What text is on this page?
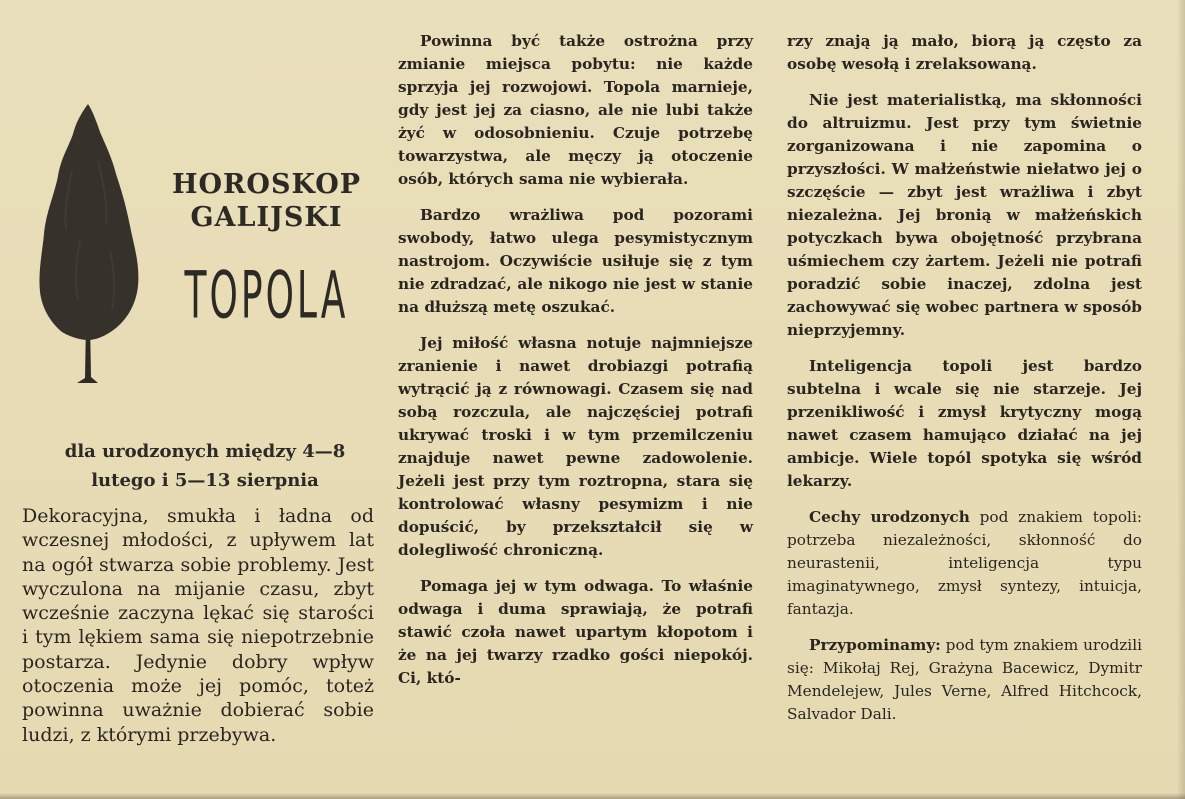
HOROSKOP
GALIJSKI
TOPOLA
dla urodzonych między 4—8
lutego i 5—13 sierpnia
Dekoracyjna, smukła i ładna od wczesnej młodości, z upływem lat na ogół stwarza sobie problemy. Jest wyczulona na mijanie czasu, zbyt wcześnie zaczyna lękać się starości i tym lękiem sama się niepotrzebnie postarza. Jedynie dobry wpływ otoczenia może jej pomóc, toteż powinna uważnie dobierać sobie ludzi, z którymi przebywa.

Powinna być także ostrożna przy zmianie miejsca pobytu: nie każde sprzyja jej rozwojowi. Topola marnieje, gdy jest jej za ciasno, ale nie lubi także żyć w odosobnieniu. Czuje potrzebę towarzystwa, ale męczy ją otoczenie osób, których sama nie wybierała.

Bardzo wrażliwa pod pozorami swobody, łatwo ulega pesymistycznym nastrojom. Oczywiście usiłuje się z tym nie zdradzać, ale nikogo nie jest w stanie na dłuższą metę oszukać.

Jej miłość własna notuje najmniejsze zranienie i nawet drobiazgi potrafią wytrącić ją z równowagi. Czasem się nad sobą rozczula, ale najczęściej potrafi ukrywać troski i w tym przemilczeniu znajduje nawet pewne zadowolenie. Jeżeli jest przy tym roztropna, stara się kontrolować własny pesymizm i nie dopuścić, by przekształcił się w dolegliwość chroniczną.

Pomaga jej w tym odwaga. To właśnie odwaga i duma sprawiają, że potrafi stawić czoła nawet upartym kłopotom i że na jej twarzy rzadko gości niepokój. Ci, któ-

rzy znają ją mało, biorą ją często za osobę wesołą i zrelaksowaną.

Nie jest materialistką, ma skłonności do altruizmu. Jest przy tym świetnie zorganizowana i nie zapomina o przyszłości. W małżeństwie niełatwo jej o szczęście — zbyt jest wrażliwa i zbyt niezależna. Jej bronią w małżeńskich potyczkach bywa obojętność przybrana uśmiechem czy żartem. Jeżeli nie potrafi poradzić sobie inaczej, zdolna jest zachowywać się wobec partnera w sposób nieprzyjemny.

Inteligencja topoli jest bardzo subtelna i wcale się nie starzeje. Jej przenikliwość i zmysł krytyczny mogą nawet czasem hamująco działać na jej ambicje. Wiele topól spotyka się wśród lekarzy.

Cechy urodzonych pod znakiem topoli: potrzeba niezależności, skłonność do neurastenii, inteligencja typu imaginatywnego, zmysł syntezy, intuicja, fantazja.

Przypominamy: pod tym znakiem urodzili się: Mikołaj Rej, Grażyna Bacewicz, Dymitr Mendelejew, Jules Verne, Alfred Hitchcock, Salvador Dali.
